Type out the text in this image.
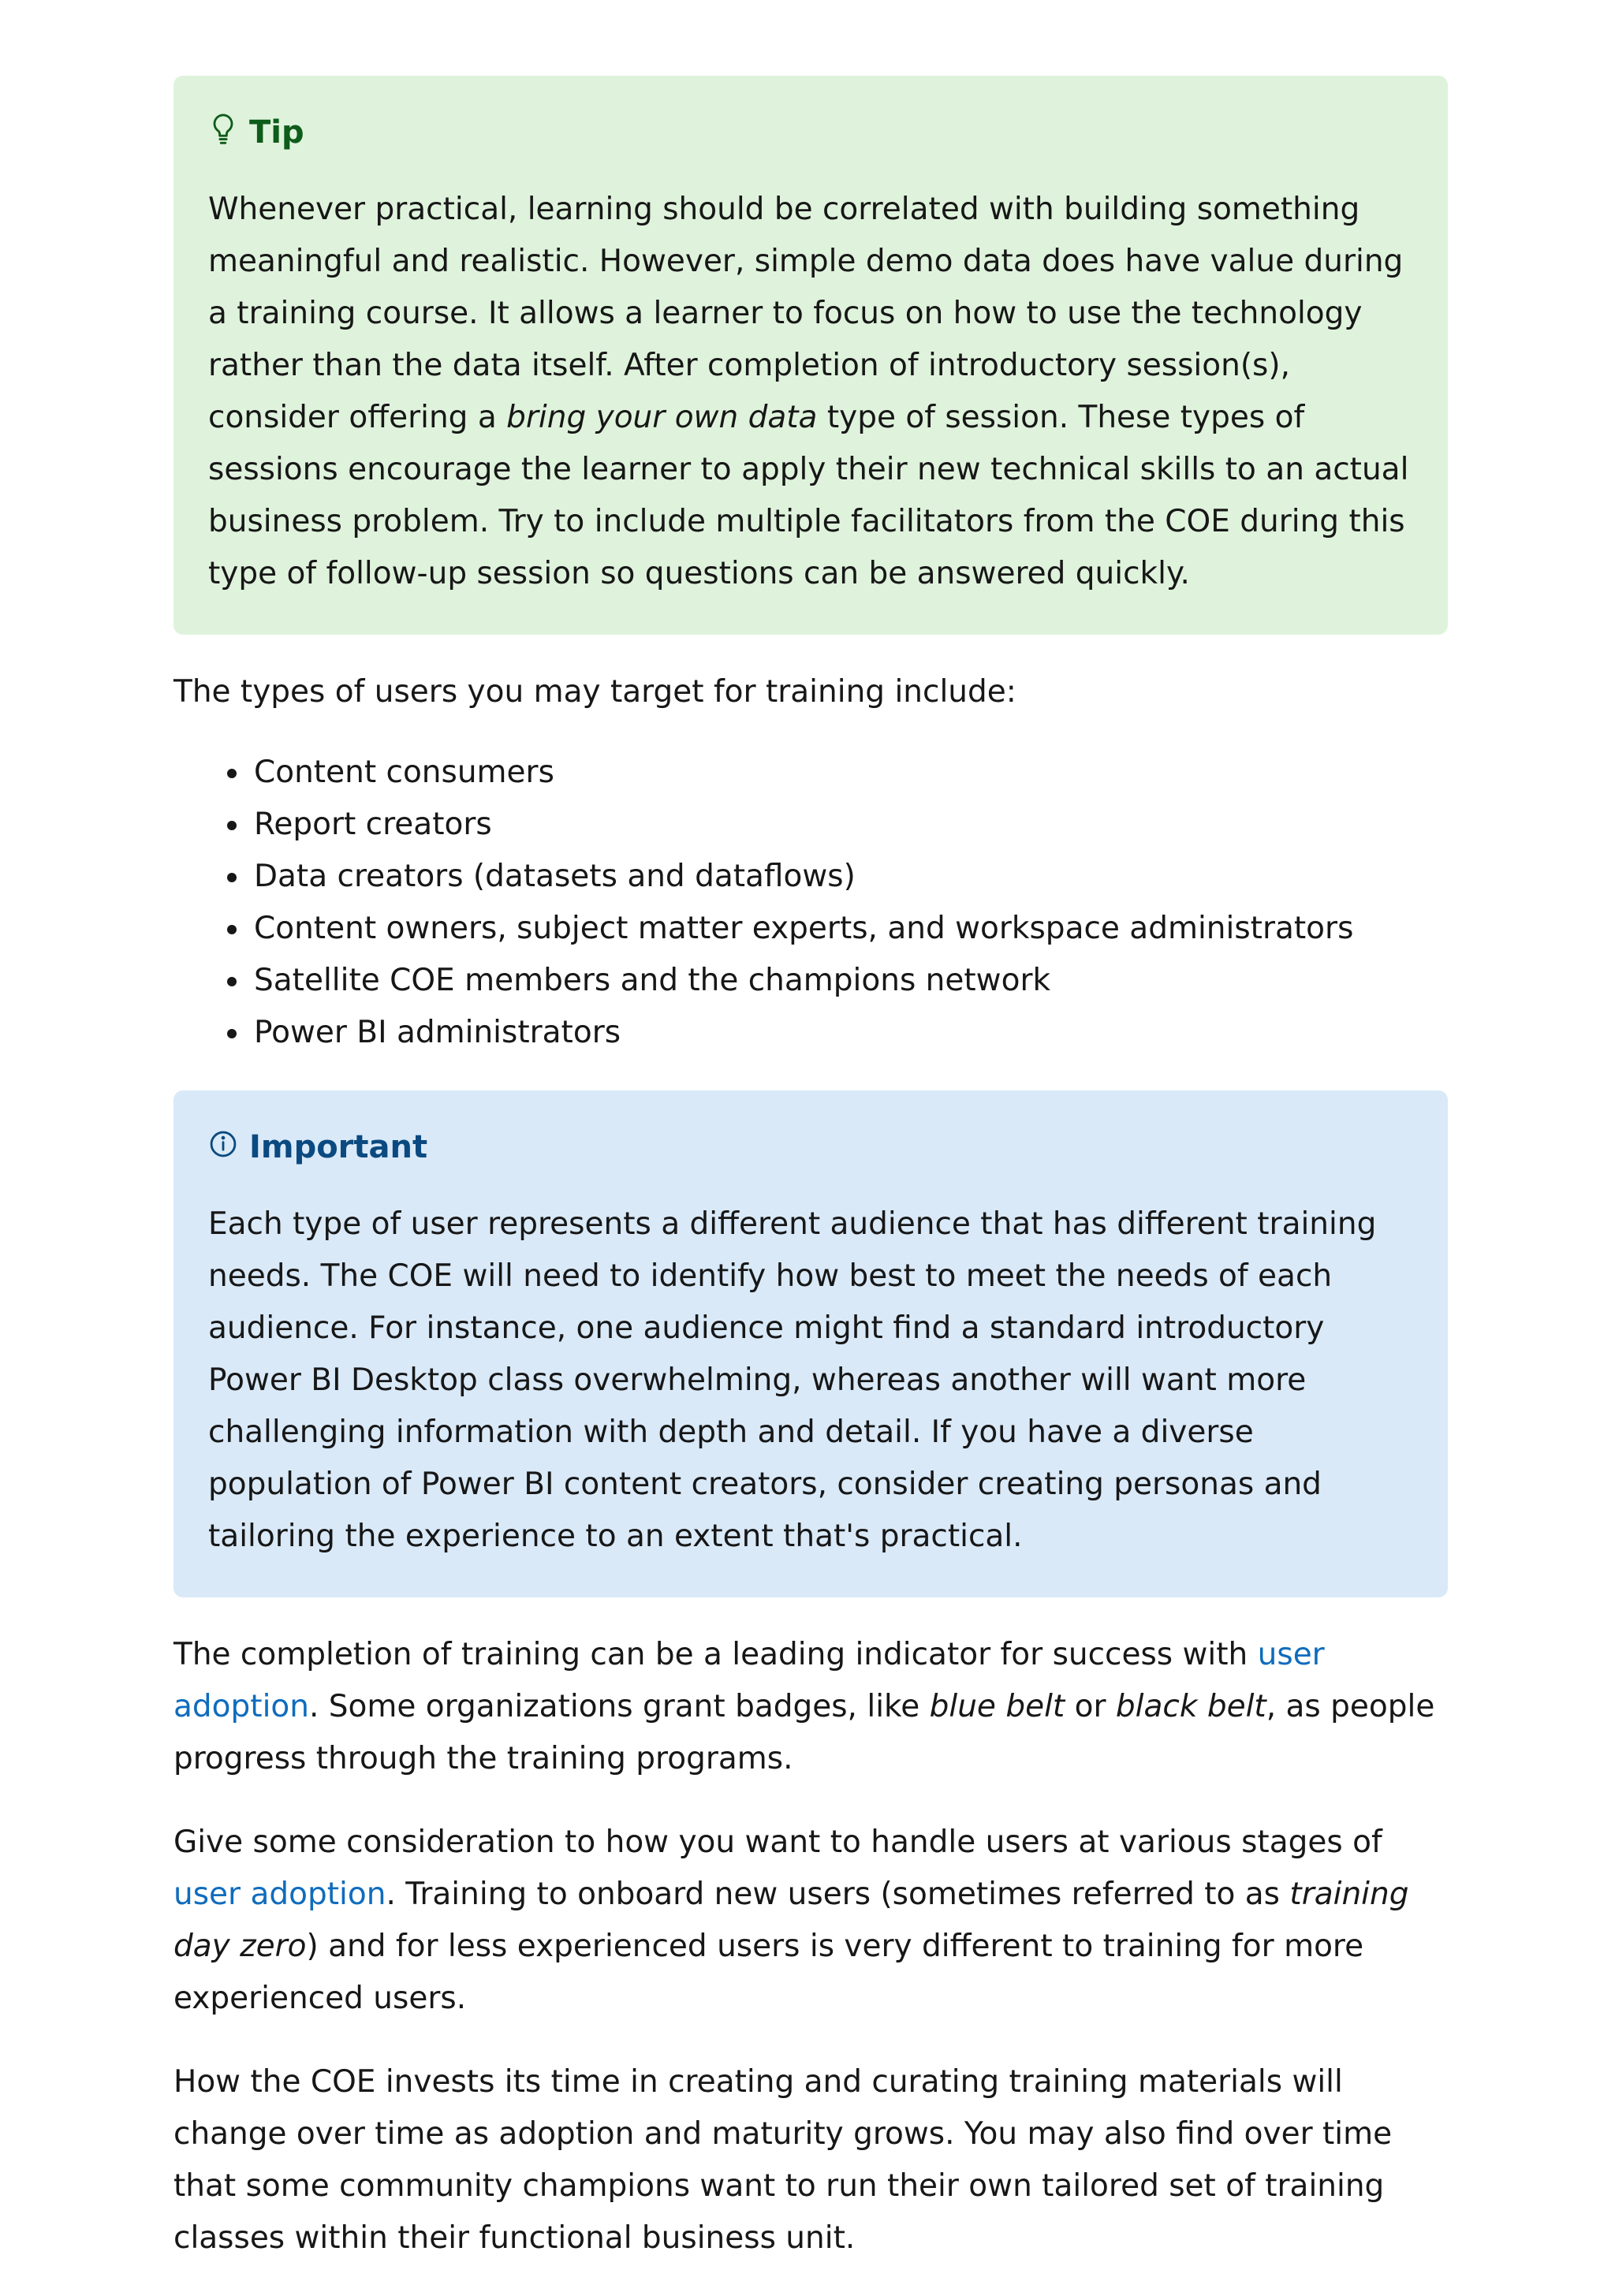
Tip

Whenever practical, learning should be correlated with building something meaningful and realistic. However, simple demo data does have value during a training course. It allows a learner to focus on how to use the technology rather than the data itself. After completion of introductory session(s), consider offering a bring your own data type of session. These types of sessions encourage the learner to apply their new technical skills to an actual business problem. Try to include multiple facilitators from the COE during this type of follow-up session so questions can be answered quickly.

The types of users you may target for training include:

• Content consumers
• Report creators
• Data creators (datasets and dataflows)
• Content owners, subject matter experts, and workspace administrators
• Satellite COE members and the champions network
• Power BI administrators
Important

Each type of user represents a different audience that has different training needs. The COE will need to identify how best to meet the needs of each audience. For instance, one audience might find a standard introductory Power BI Desktop class overwhelming, whereas another will want more challenging information with depth and detail. If you have a diverse population of Power BI content creators, consider creating personas and tailoring the experience to an extent that's practical.

The completion of training can be a leading indicator for success with user adoption. Some organizations grant badges, like blue belt or black belt, as people progress through the training programs.

Give some consideration to how you want to handle users at various stages of user adoption. Training to onboard new users (sometimes referred to as training day zero) and for less experienced users is very different to training for more experienced users.

How the COE invests its time in creating and curating training materials will change over time as adoption and maturity grows. You may also find over time that some community champions want to run their own tailored set of training classes within their functional business unit.
